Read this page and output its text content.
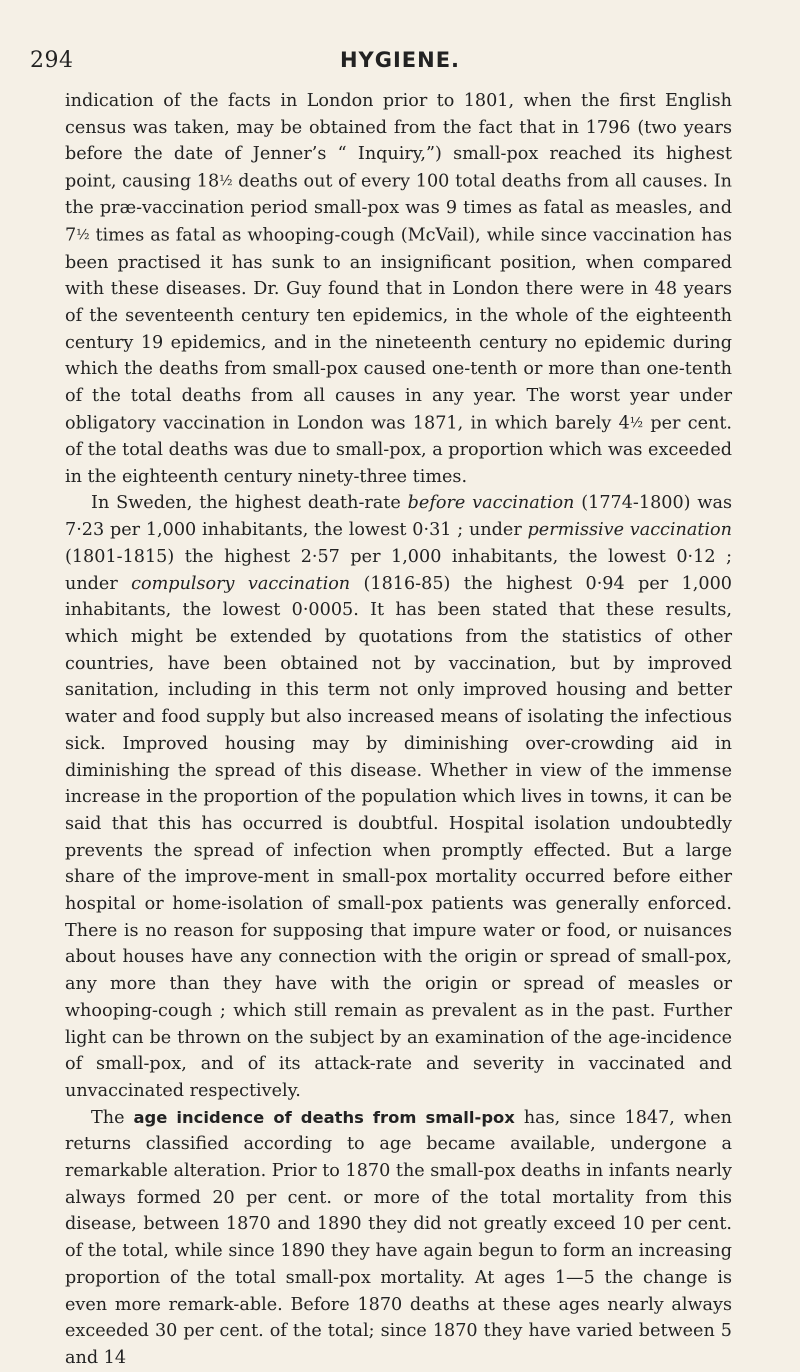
294	HYGIENE.

indication of the facts in London prior to 1801, when the first English census was taken, may be obtained from the fact that in 1796 (two years before the date of Jenner’s “ Inquiry,”) small-pox reached its highest point, causing 18½ deaths out of every 100 total deaths from all causes. In the præ-vaccination period small-pox was 9 times as fatal as measles, and 7½ times as fatal as whooping-cough (McVail), while since vaccination has been practised it has sunk to an insignificant position, when compared with these diseases. Dr. Guy found that in London there were in 48 years of the seventeenth century ten epidemics, in the whole of the eighteenth century 19 epidemics, and in the nineteenth century no epidemic during which the deaths from small-pox caused one-tenth or more than one-tenth of the total deaths from all causes in any year. The worst year under obligatory vaccination in London was 1871, in which barely 4½ per cent. of the total deaths was due to small-pox, a proportion which was exceeded in the eighteenth century ninety-three times.

In Sweden, the highest death-rate before vaccination (1774-1800) was 7·23 per 1,000 inhabitants, the lowest 0·31 ; under permissive vaccination (1801-1815) the highest 2·57 per 1,000 inhabitants, the lowest 0·12 ; under compulsory vaccination (1816-85) the highest 0·94 per 1,000 inhabitants, the lowest 0·0005. It has been stated that these results, which might be extended by quotations from the statistics of other countries, have been obtained not by vaccination, but by improved sanitation, including in this term not only improved housing and better water and food supply but also increased means of isolating the infectious sick. Improved housing may by diminishing over-crowding aid in diminishing the spread of this disease. Whether in view of the immense increase in the proportion of the population which lives in towns, it can be said that this has occurred is doubtful. Hospital isolation undoubtedly prevents the spread of infection when promptly effected. But a large share of the improve-ment in small-pox mortality occurred before either hospital or home-isolation of small-pox patients was generally enforced. There is no reason for supposing that impure water or food, or nuisances about houses have any connection with the origin or spread of small-pox, any more than they have with the origin or spread of measles or whooping-cough ; which still remain as prevalent as in the past. Further light can be thrown on the subject by an examination of the age-incidence of small-pox, and of its attack-rate and severity in vaccinated and unvaccinated respectively.

The age incidence of deaths from small-pox has, since 1847, when returns classified according to age became available, undergone a remarkable alteration. Prior to 1870 the small-pox deaths in infants nearly always formed 20 per cent. or more of the total mortality from this disease, between 1870 and 1890 they did not greatly exceed 10 per cent. of the total, while since 1890 they have again begun to form an increasing proportion of the total small-pox mortality. At ages 1—5 the change is even more remark-able. Before 1870 deaths at these ages nearly always exceeded 30 per cent. of the total; since 1870 they have varied between 5 and 14
